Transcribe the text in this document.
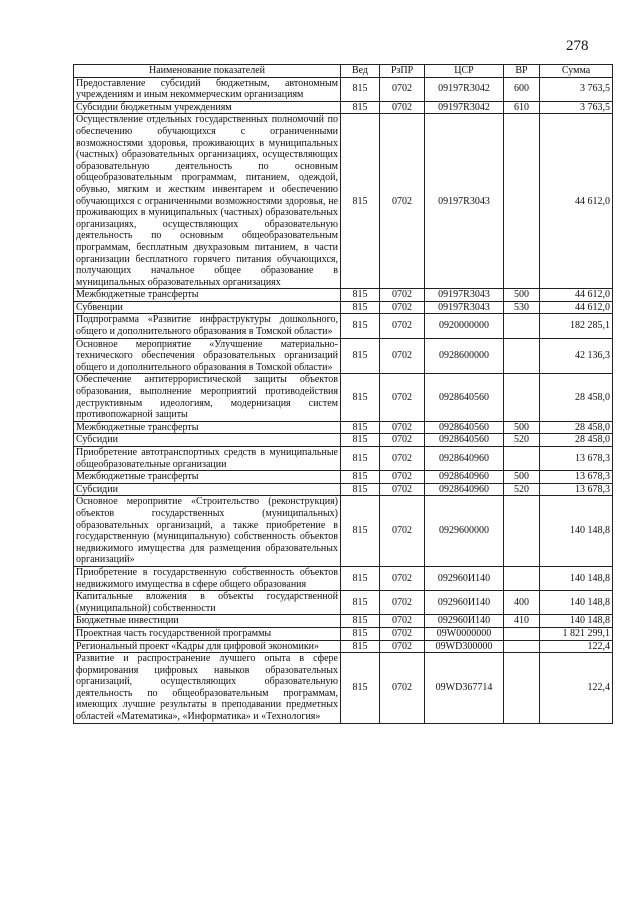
278
Наименование показателей	Вед	РзПР	ЦСР	ВР	Сумма
Предоставление субсидий бюджетным, автономным учреждениям и иным некоммерческим организациям	815	0702	09197R3042	600	3 763,5
Субсидии бюджетным учреждениям	815	0702	09197R3042	610	3 763,5
Осуществление отдельных государственных полномочий по обеспечению обучающихся с ограниченными возможностями здоровья, проживающих в муниципальных (частных) образовательных организациях, осуществляющих образовательную деятельность по основным общеобразовательным программам, питанием, одеждой, обувью, мягким и жестким инвентарем и обеспечению обучающихся с ограниченными возможностями здоровья, не проживающих в муниципальных (частных) образовательных организациях, осуществляющих образовательную деятельность по основным общеобразовательным программам, бесплатным двухразовым питанием, в части организации бесплатного горячего питания обучающихся, получающих начальное общее образование в муниципальных образовательных организациях	815	0702	09197R3043		44 612,0
Межбюджетные трансферты	815	0702	09197R3043	500	44 612,0
Субвенции	815	0702	09197R3043	530	44 612,0
Подпрограмма «Развитие инфраструктуры дошкольного, общего и дополнительного образования в Томской области»	815	0702	0920000000		182 285,1
Основное мероприятие «Улучшение материально-технического обеспечения образовательных организаций общего и дополнительного образования в Томской области»	815	0702	0928600000		42 136,3
Обеспечение антитеррористической защиты объектов образования, выполнение мероприятий противодействия деструктивным идеологиям, модернизация систем противопожарной защиты	815	0702	0928640560		28 458,0
Межбюджетные трансферты	815	0702	0928640560	500	28 458,0
Субсидии	815	0702	0928640560	520	28 458,0
Приобретение автотранспортных средств в муниципальные общеобразовательные организации	815	0702	0928640960		13 678,3
Межбюджетные трансферты	815	0702	0928640960	500	13 678,3
Субсидии	815	0702	0928640960	520	13 678,3
Основное мероприятие «Строительство (реконструкция) объектов государственных (муниципальных) образовательных организаций, а также приобретение в государственную (муниципальную) собственность объектов недвижимого имущества для размещения образовательных организаций»	815	0702	0929600000		140 148,8
Приобретение в государственную собственность объектов недвижимого имущества в сфере общего образования	815	0702	092960И140		140 148,8
Капитальные вложения в объекты государственной (муниципальной) собственности	815	0702	092960И140	400	140 148,8
Бюджетные инвестиции	815	0702	092960И140	410	140 148,8
Проектная часть государственной программы	815	0702	09W0000000		1 821 299,1
Региональный проект «Кадры для цифровой экономики»	815	0702	09WD300000		122,4
Развитие и распространение лучшего опыта в сфере формирования цифровых навыков образовательных организаций, осуществляющих образовательную деятельность по общеобразовательным программам, имеющих лучшие результаты в преподавании предметных областей «Математика», «Информатика» и «Технология»	815	0702	09WD367714		122,4
